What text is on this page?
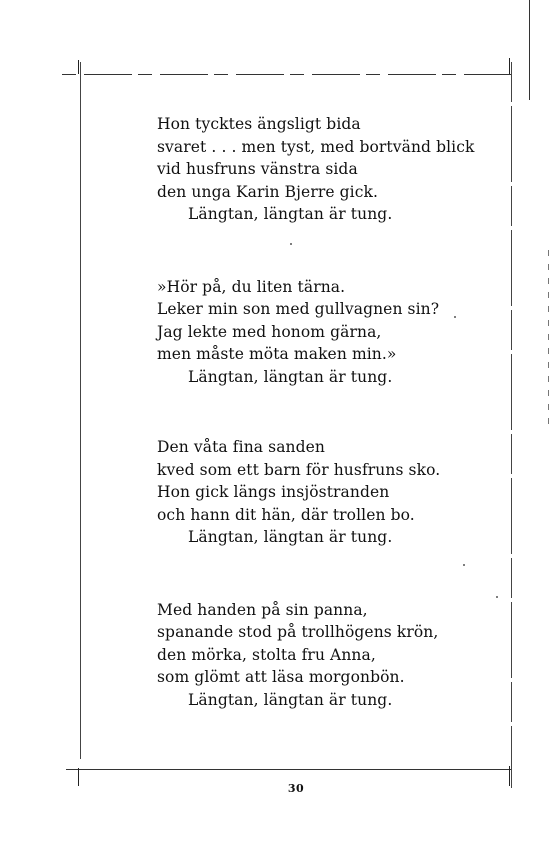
Hon tycktes ängsligt bida
svaret . . . men tyst, med bortvänd blick
vid husfruns vänstra sida
den unga Karin Bjerre gick.
Längtan, längtan är tung.
»Hör på, du liten tärna.
Leker min son med gullvagnen sin?
Jag lekte med honom gärna,
men måste möta maken min.»
Längtan, längtan är tung.
Den våta fina sanden
kved som ett barn för husfruns sko.
Hon gick längs insjöstranden
och hann dit hän, där trollen bo.
Längtan, längtan är tung.
Med handen på sin panna,
spanande stod på trollhögens krön,
den mörka, stolta fru Anna,
som glömt att läsa morgonbön.
Längtan, längtan är tung.
30
